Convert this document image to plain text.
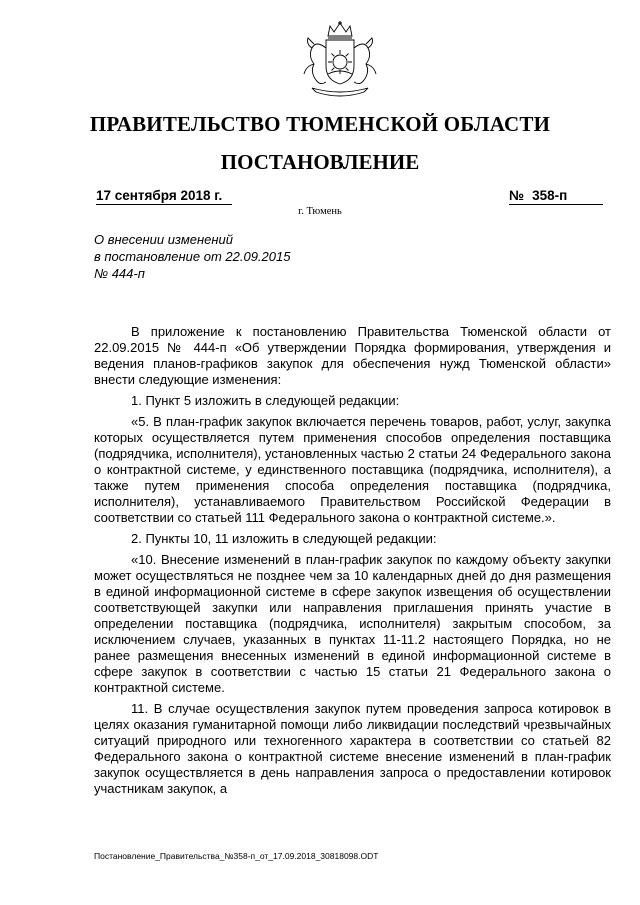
ПРАВИТЕЛЬСТВО ТЮМЕНСКОЙ ОБЛАСТИ
ПОСТАНОВЛЕНИЕ
17 сентября 2018 г.	№ 358-п
г. Тюмень
О внесении изменений
в постановление от 22.09.2015
№ 444-п

В приложение к постановлению Правительства Тюменской области от 22.09.2015 № 444-п «Об утверждении Порядка формирования, утверждения и ведения планов-графиков закупок для обеспечения нужд Тюменской области» внести следующие изменения:

1. Пункт 5 изложить в следующей редакции:

«5. В план-график закупок включается перечень товаров, работ, услуг, закупка которых осуществляется путем применения способов определения поставщика (подрядчика, исполнителя), установленных частью 2 статьи 24 Федерального закона о контрактной системе, у единственного поставщика (подрядчика, исполнителя), а также путем применения способа определения поставщика (подрядчика, исполнителя), устанавливаемого Правительством Российской Федерации в соответствии со статьей 111 Федерального закона о контрактной системе.».

2. Пункты 10, 11 изложить в следующей редакции:

«10. Внесение изменений в план-график закупок по каждому объекту закупки может осуществляться не позднее чем за 10 календарных дней до дня размещения в единой информационной системе в сфере закупок извещения об осуществлении соответствующей закупки или направления приглашения принять участие в определении поставщика (подрядчика, исполнителя) закрытым способом, за исключением случаев, указанных в пунктах 11-11.2 настоящего Порядка, но не ранее размещения внесенных изменений в единой информационной системе в сфере закупок в соответствии с частью 15 статьи 21 Федерального закона о контрактной системе.

11. В случае осуществления закупок путем проведения запроса котировок в целях оказания гуманитарной помощи либо ликвидации последствий чрезвычайных ситуаций природного или техногенного характера в соответствии со статьей 82 Федерального закона о контрактной системе внесение изменений в план-график закупок осуществляется в день направления запроса о предоставлении котировок участникам закупок, а

Постановление_Правительства_№358-п_от_17.09.2018_30818098.ODT
